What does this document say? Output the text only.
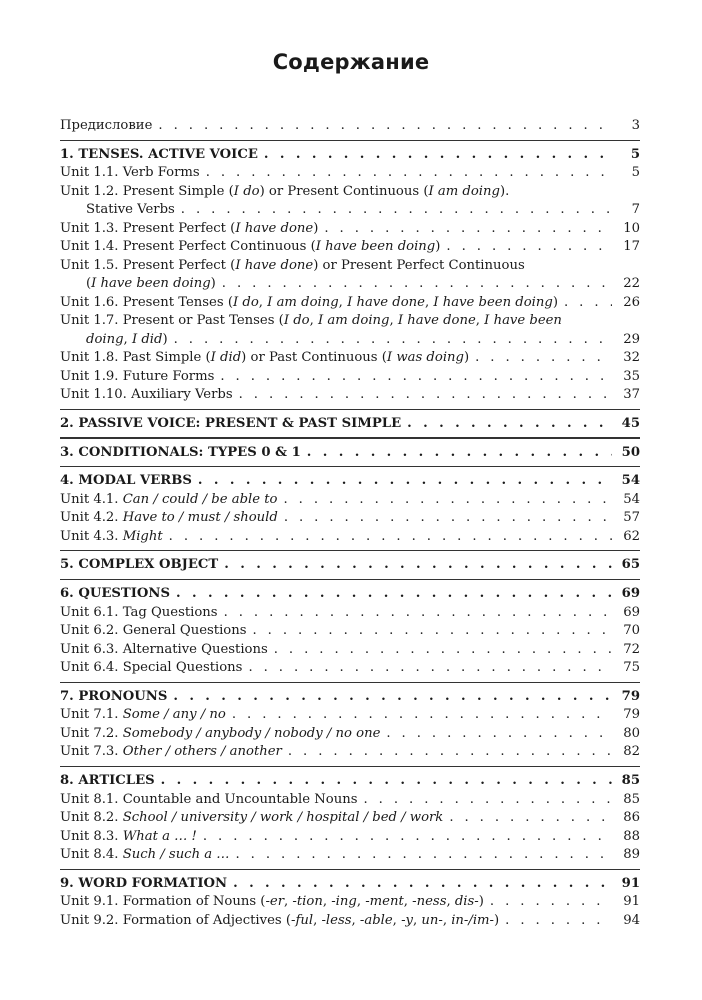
Содержание
Предисловие . . .	3
1. TENSES. ACTIVE VOICE . . .	5
Unit 1.1. Verb Forms . . .	5
Unit 1.2. Present Simple (I do) or Present Continuous (I am doing).
Stative Verbs . . .	7
Unit 1.3. Present Perfect (I have done) . . .	10
Unit 1.4. Present Perfect Continuous (I have been doing) . . .	17
Unit 1.5. Present Perfect (I have done) or Present Perfect Continuous
(I have been doing) . . .	22
Unit 1.6. Present Tenses (I do, I am doing, I have done, I have been doing) . . .	26
Unit 1.7. Present or Past Tenses (I do, I am doing, I have done, I have been
doing, I did) . . .	29
Unit 1.8. Past Simple (I did) or Past Continuous (I was doing) . . .	32
Unit 1.9. Future Forms . . .	35
Unit 1.10. Auxiliary Verbs . . .	37
2. PASSIVE VOICE: PRESENT & PAST SIMPLE . . .	45
3. CONDITIONALS: TYPES 0 & 1 . . .	50
4. MODAL VERBS . . .	54
Unit 4.1. Can / could / be able to . . .	54
Unit 4.2. Have to / must / should . . .	57
Unit 4.3. Might . . .	62
5. COMPLEX OBJECT . . .	65
6. QUESTIONS . . .	69
Unit 6.1. Tag Questions . . .	69
Unit 6.2. General Questions . . .	70
Unit 6.3. Alternative Questions . . .	72
Unit 6.4. Special Questions . . .	75
7. PRONOUNS . . .	79
Unit 7.1. Some / any / no . . .	79
Unit 7.2. Somebody / anybody / nobody / no one . . .	80
Unit 7.3. Other / others / another . . .	82
8. ARTICLES . . .	85
Unit 8.1. Countable and Uncountable Nouns . . .	85
Unit 8.2. School / university / work / hospital / bed / work . . .	86
Unit 8.3. What a … ! . . .	88
Unit 8.4. Such / such a … . . .	89
9. WORD FORMATION . . .	91
Unit 9.1. Formation of Nouns (-er, -tion, -ing, -ment, -ness, dis-) . . .	91
Unit 9.2. Formation of Adjectives (-ful, -less, -able, -y, un-, in-/im-) . . .	94
